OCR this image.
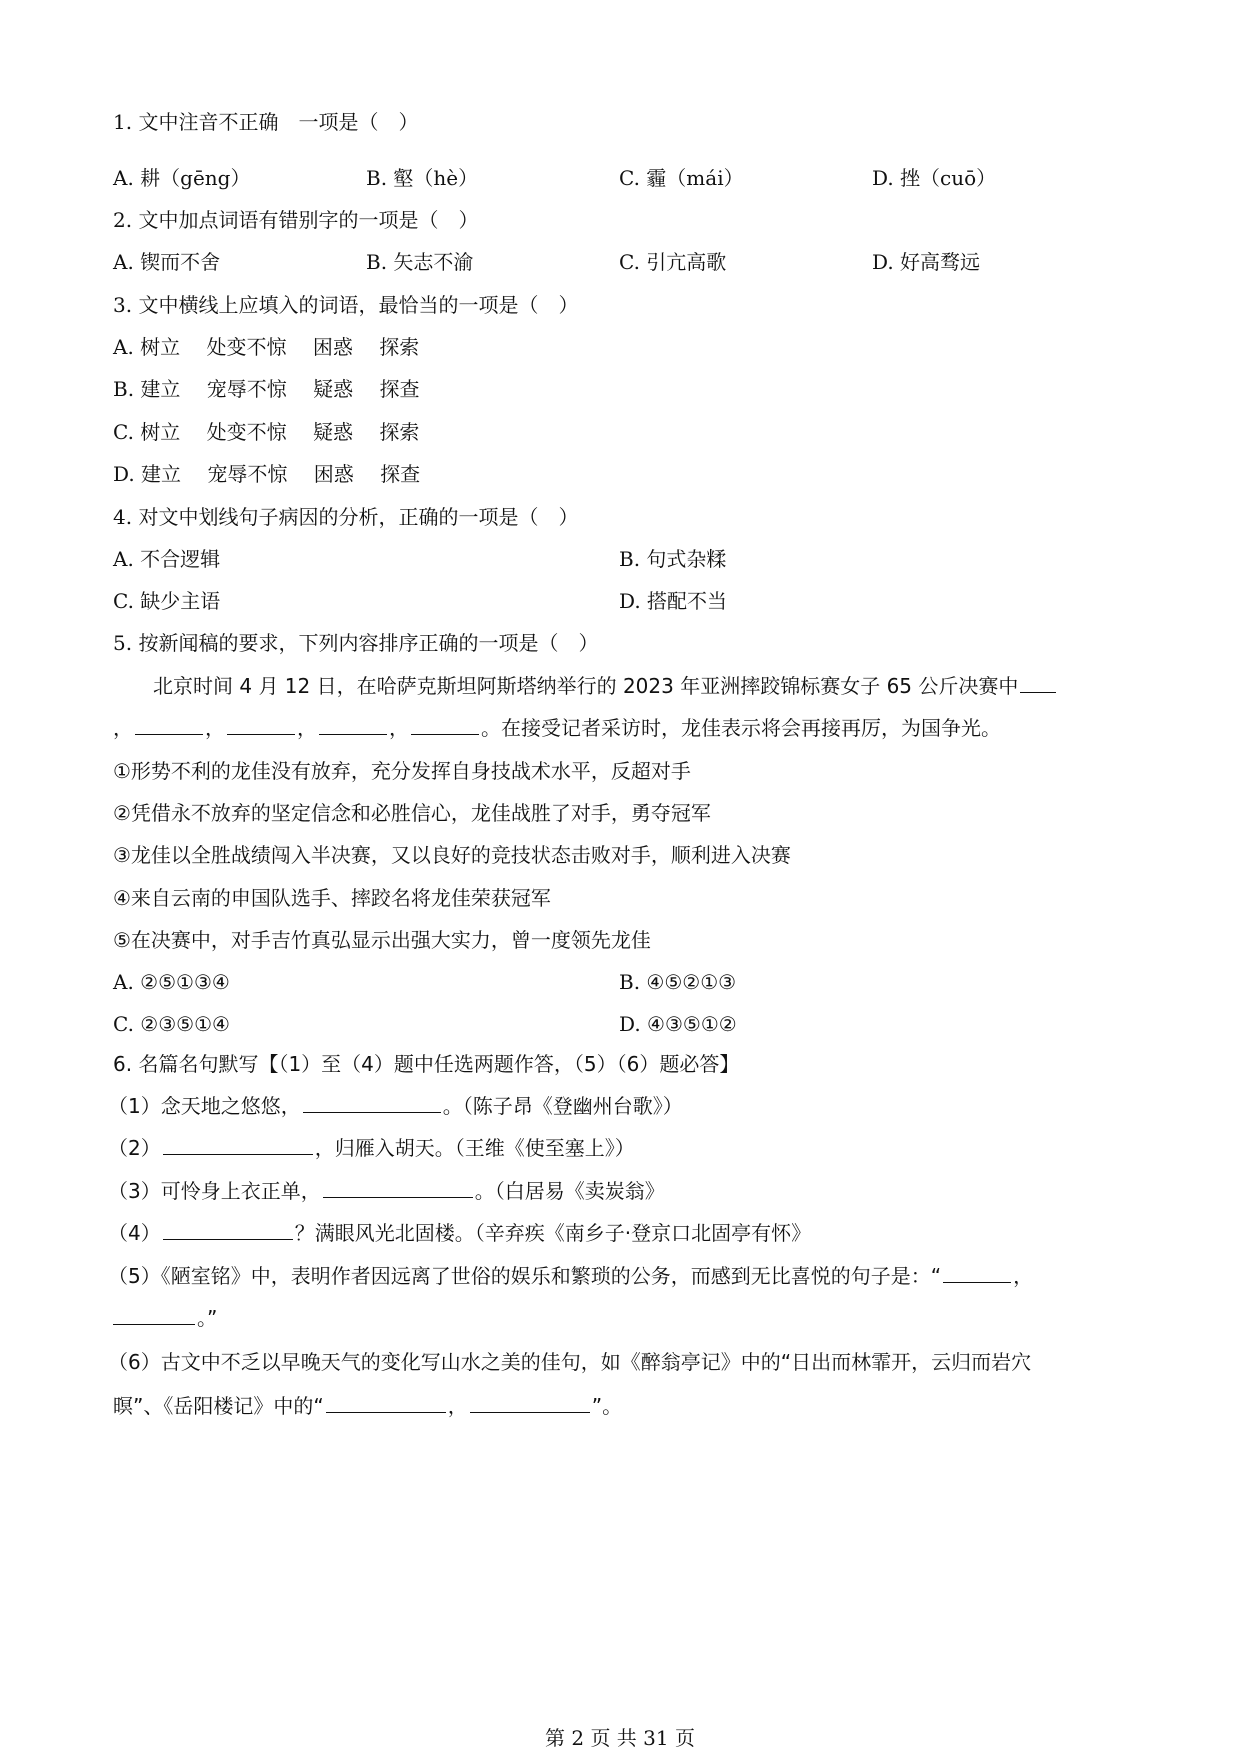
1. 文中注音不正确　一项是（　）
A. 耕（gēng）	B. 壑（hè）	C. 霾（mái）	D. 挫（cuō）
2. 文中加点词语有错别字的一项是（　）
A. 锲而不舍	B. 矢志不渝	C. 引亢高歌	D. 好高骛远
3. 文中横线上应填入的词语，最恰当的一项是（　）
A. 树立　 处变不惊　 困惑　 探索
B. 建立　 宠辱不惊　 疑惑　 探查
C. 树立　 处变不惊　 疑惑　 探索
D. 建立　 宠辱不惊　 困惑　 探查
4. 对文中划线句子病因的分析，正确的一项是（　）
A. 不合逻辑	B. 句式杂糅
C. 缺少主语	D. 搭配不当
5. 按新闻稿的要求，下列内容排序正确的一项是（　）
北京时间 4 月 12 日，在哈萨克斯坦阿斯塔纳举行的 2023 年亚洲摔跤锦标赛女子 65 公斤决赛中
，	，	，	，	。在接受记者采访时，龙佳表示将会再接再厉，为国争光。
①形势不利的龙佳没有放弃，充分发挥自身技战术水平，反超对手
②凭借永不放弃的坚定信念和必胜信心，龙佳战胜了对手，勇夺冠军
③龙佳以全胜战绩闯入半决赛，又以良好的竞技状态击败对手，顺利进入决赛
④来自云南的申国队选手、摔跤名将龙佳荣获冠军
⑤在决赛中，对手吉竹真弘显示出强大实力，曾一度领先龙佳
A. ②⑤①③④	B. ④⑤②①③
C. ②③⑤①④	D. ④③⑤①②
6. 名篇名句默写【（1）至（4）题中任选两题作答，（5）（6）题必答】
（1）念天地之悠悠，	。（陈子昂《登幽州台歌》）
（2）	，归雁入胡天。（王维《使至塞上》）
（3）可怜身上衣正单，	。（白居易《卖炭翁》
（4）	？满眼风光北固楼。（辛弃疾《南乡子·登京口北固亭有怀》
（5）《陋室铭》中，表明作者因远离了世俗的娱乐和繁琐的公务，而感到无比喜悦的句子是：“	，
。”
（6）古文中不乏以早晚天气的变化写山水之美的佳句，如《醉翁亭记》中的“日出而林霏开，云归而岩穴
暝”、《岳阳楼记》中的“	，	”。
第 2 页 共 31 页
